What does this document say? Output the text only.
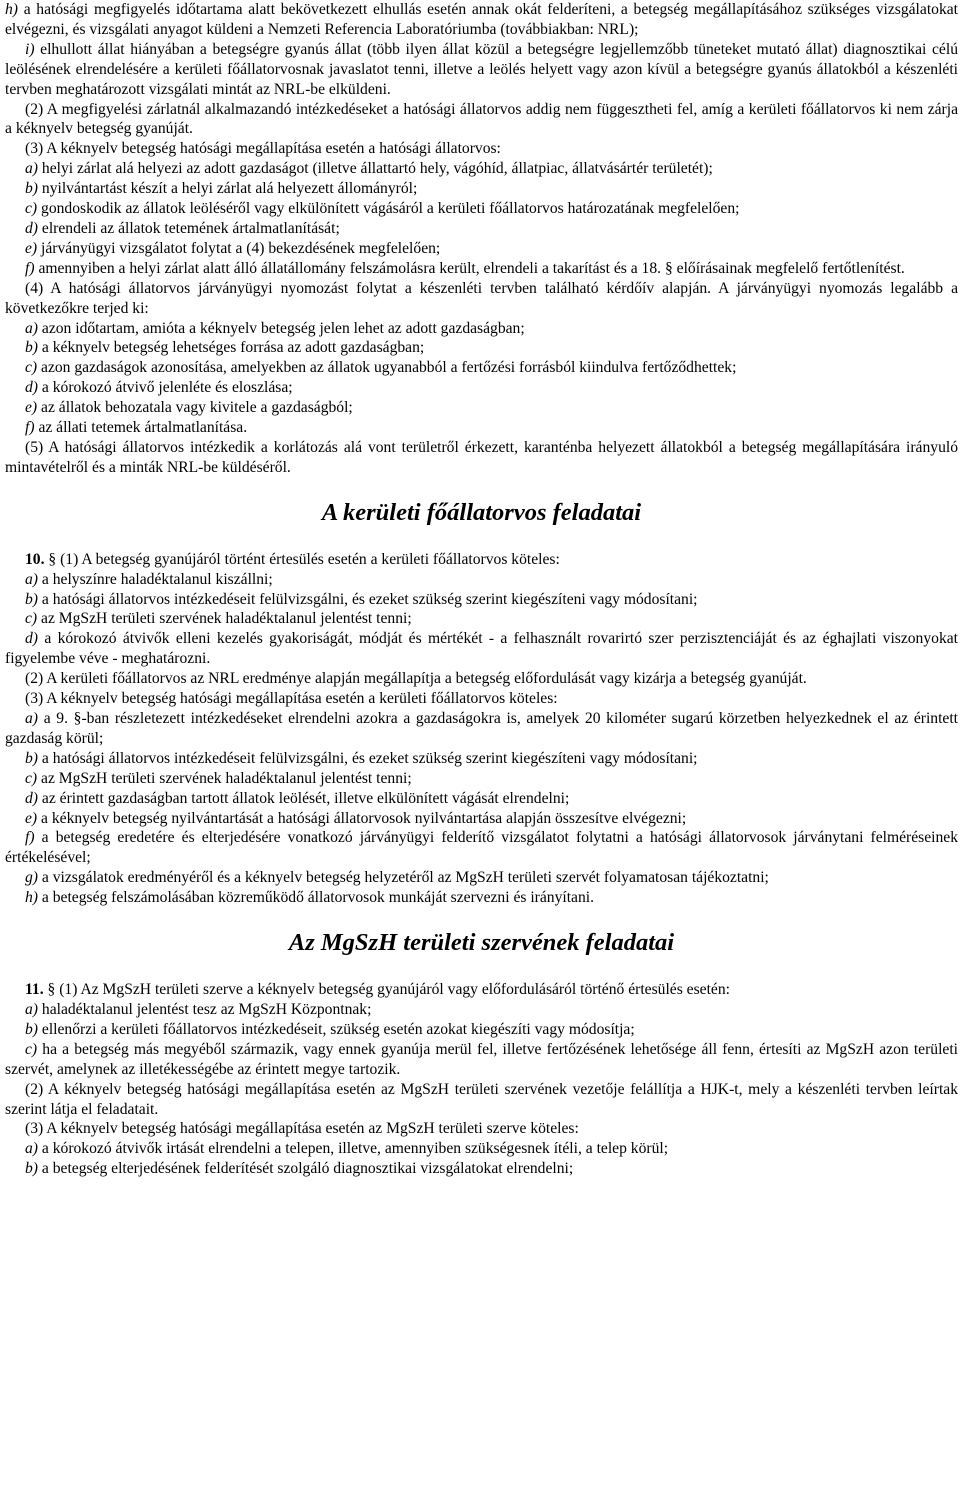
h) a hatósági megfigyelés időtartama alatt bekövetkezett elhullás esetén annak okát felderíteni, a betegség megállapításához szükséges vizsgálatokat elvégezni, és vizsgálati anyagot küldeni a Nemzeti Referencia Laboratóriumba (továbbiakban: NRL);

i) elhullott állat hiányában a betegségre gyanús állat (több ilyen állat közül a betegségre legjellemzőbb tüneteket mutató állat) diagnosztikai célú leölésének elrendelésére a kerületi főállatorvosnak javaslatot tenni, illetve a leölés helyett vagy azon kívül a betegségre gyanús állatokból a készenléti tervben meghatározott vizsgálati mintát az NRL-be elküldeni.

(2) A megfigyelési zárlatnál alkalmazandó intézkedéseket a hatósági állatorvos addig nem függesztheti fel, amíg a kerületi főállatorvos ki nem zárja a kéknyelv betegség gyanúját.

(3) A kéknyelv betegség hatósági megállapítása esetén a hatósági állatorvos:

a) helyi zárlat alá helyezi az adott gazdaságot (illetve állattartó hely, vágóhíd, állatpiac, állatvásártér területét);

b) nyilvántartást készít a helyi zárlat alá helyezett állományról;

c) gondoskodik az állatok leöléséről vagy elkülönített vágásáról a kerületi főállatorvos határozatának megfelelően;

d) elrendeli az állatok tetemének ártalmatlanítását;

e) járványügyi vizsgálatot folytat a (4) bekezdésének megfelelően;

f) amennyiben a helyi zárlat alatt álló állatállomány felszámolásra került, elrendeli a takarítást és a 18. § előírásainak megfelelő fertőtlenítést.

(4) A hatósági állatorvos járványügyi nyomozást folytat a készenléti tervben található kérdőív alapján. A járványügyi nyomozás legalább a következőkre terjed ki:

a) azon időtartam, amióta a kéknyelv betegség jelen lehet az adott gazdaságban;

b) a kéknyelv betegség lehetséges forrása az adott gazdaságban;

c) azon gazdaságok azonosítása, amelyekben az állatok ugyanabból a fertőzési forrásból kiindulva fertőződhettek;

d) a kórokozó átvivő jelenléte és eloszlása;

e) az állatok behozatala vagy kivitele a gazdaságból;

f) az állati tetemek ártalmatlanítása.

(5) A hatósági állatorvos intézkedik a korlátozás alá vont területről érkezett, karanténba helyezett állatokból a betegség megállapítására irányuló mintavételről és a minták NRL-be küldéséről.

A kerületi főállatorvos feladatai

10. § (1) A betegség gyanújáról történt értesülés esetén a kerületi főállatorvos köteles:

a) a helyszínre haladéktalanul kiszállni;

b) a hatósági állatorvos intézkedéseit felülvizsgálni, és ezeket szükség szerint kiegészíteni vagy módosítani;

c) az MgSzH területi szervének haladéktalanul jelentést tenni;

d) a kórokozó átvivők elleni kezelés gyakoriságát, módját és mértékét - a felhasznált rovarirtó szer perzisztenciáját és az éghajlati viszonyokat figyelembe véve - meghatározni.

(2) A kerületi főállatorvos az NRL eredménye alapján megállapítja a betegség előfordulását vagy kizárja a betegség gyanúját.

(3) A kéknyelv betegség hatósági megállapítása esetén a kerületi főállatorvos köteles:

a) a 9. §-ban részletezett intézkedéseket elrendelni azokra a gazdaságokra is, amelyek 20 kilométer sugarú körzetben helyezkednek el az érintett gazdaság körül;

b) a hatósági állatorvos intézkedéseit felülvizsgálni, és ezeket szükség szerint kiegészíteni vagy módosítani;

c) az MgSzH területi szervének haladéktalanul jelentést tenni;

d) az érintett gazdaságban tartott állatok leölését, illetve elkülönített vágását elrendelni;

e) a kéknyelv betegség nyilvántartását a hatósági állatorvosok nyilvántartása alapján összesítve elvégezni;

f) a betegség eredetére és elterjedésére vonatkozó járványügyi felderítő vizsgálatot folytatni a hatósági állatorvosok járványtani felméréseinek értékelésével;

g) a vizsgálatok eredményéről és a kéknyelv betegség helyzetéről az MgSzH területi szervét folyamatosan tájékoztatni;

h) a betegség felszámolásában közreműködő állatorvosok munkáját szervezni és irányítani.

Az MgSzH területi szervének feladatai

11. § (1) Az MgSzH területi szerve a kéknyelv betegség gyanújáról vagy előfordulásáról történő értesülés esetén:

a) haladéktalanul jelentést tesz az MgSzH Központnak;

b) ellenőrzi a kerületi főállatorvos intézkedéseit, szükség esetén azokat kiegészíti vagy módosítja;

c) ha a betegség más megyéből származik, vagy ennek gyanúja merül fel, illetve fertőzésének lehetősége áll fenn, értesíti az MgSzH azon területi szervét, amelynek az illetékességébe az érintett megye tartozik.

(2) A kéknyelv betegség hatósági megállapítása esetén az MgSzH területi szervének vezetője felállítja a HJK-t, mely a készenléti tervben leírtak szerint látja el feladatait.

(3) A kéknyelv betegség hatósági megállapítása esetén az MgSzH területi szerve köteles:

a) a kórokozó átvivők irtását elrendelni a telepen, illetve, amennyiben szükségesnek ítéli, a telep körül;

b) a betegség elterjedésének felderítését szolgáló diagnosztikai vizsgálatokat elrendelni;
